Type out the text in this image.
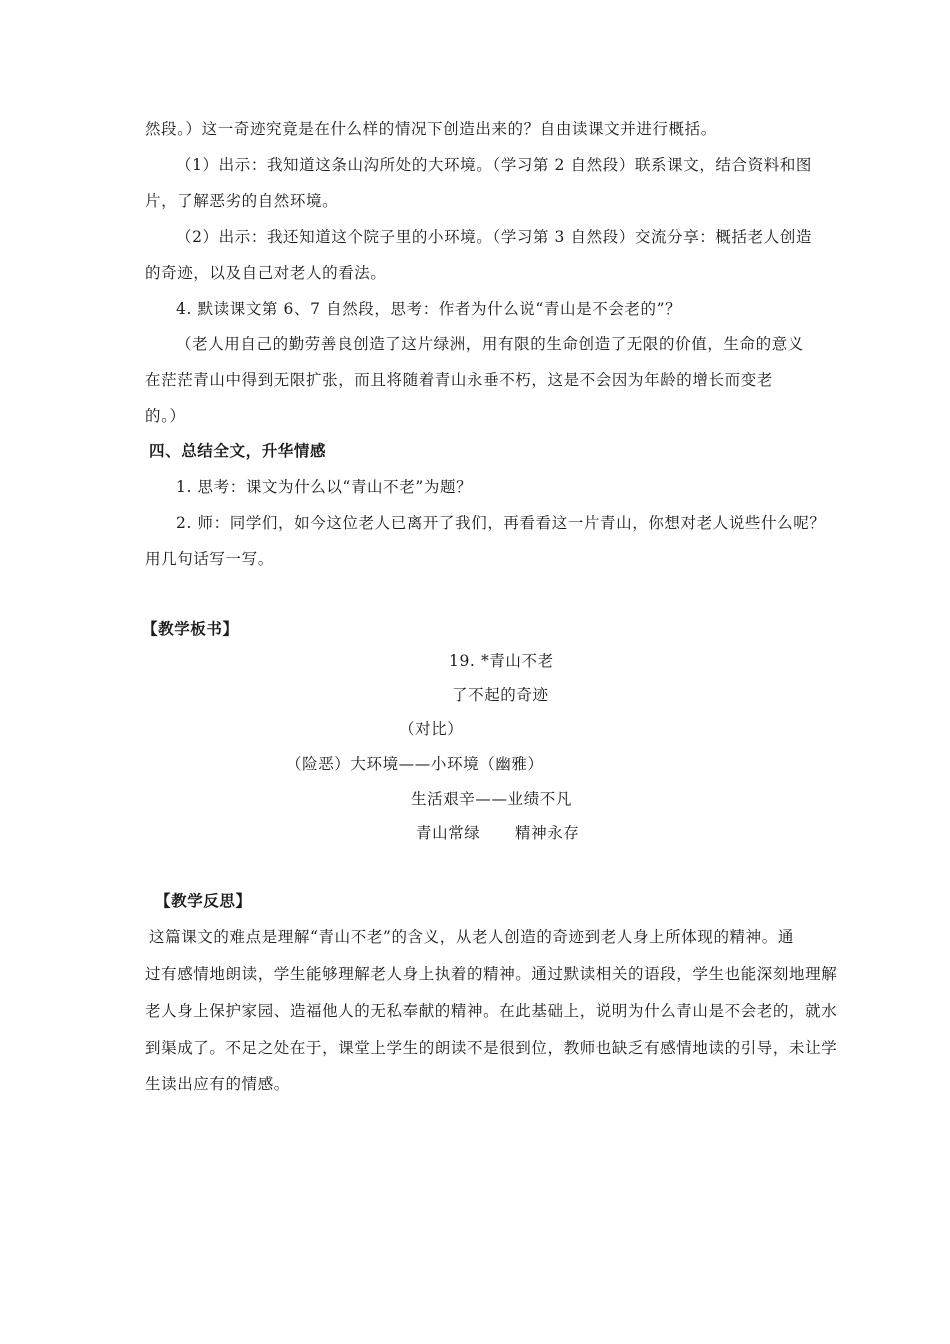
然段。）这一奇迹究竟是在什么样的情况下创造出来的？自由读课文并进行概括。
（1）出示：我知道这条山沟所处的大环境。（学习第 2 自然段）联系课文，结合资料和图
片，了解恶劣的自然环境。
（2）出示：我还知道这个院子里的小环境。（学习第 3 自然段）交流分享：概括老人创造
的奇迹，以及自己对老人的看法。
4. 默读课文第 6、7 自然段，思考：作者为什么说“青山是不会老的”？
（老人用自己的勤劳善良创造了这片绿洲，用有限的生命创造了无限的价值，生命的意义
在茫茫青山中得到无限扩张，而且将随着青山永垂不朽，这是不会因为年龄的增长而变老
的。）
四、总结全文，升华情感
1. 思考：课文为什么以“青山不老”为题？
2. 师：同学们，如今这位老人已离开了我们，再看看这一片青山，你想对老人说些什么呢？
用几句话写一写。
【教学板书】
19. *青山不老
了不起的奇迹
（对比）
（险恶）大环境——小环境（幽雅）
生活艰辛——业绩不凡
青山常绿 精神永存
【教学反思】
这篇课文的难点是理解“青山不老”的含义，从老人创造的奇迹到老人身上所体现的精神。通
过有感情地朗读，学生能够理解老人身上执着的精神。通过默读相关的语段，学生也能深刻地理解
老人身上保护家园、造福他人的无私奉献的精神。在此基础上，说明为什么青山是不会老的，就水
到渠成了。不足之处在于，课堂上学生的朗读不是很到位，教师也缺乏有感情地读的引导，未让学
生读出应有的情感。
